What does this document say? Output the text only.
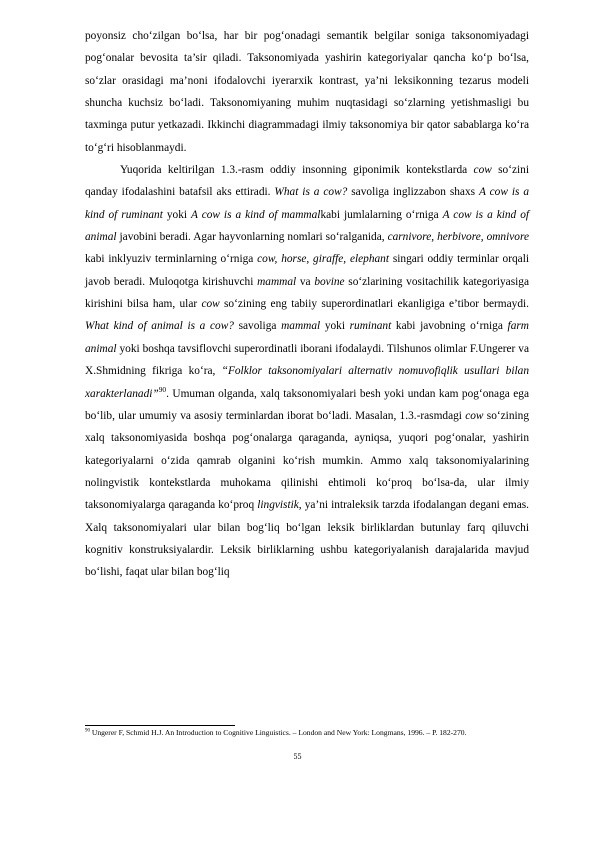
poyonsiz cho‘zilgan bo‘lsa, har bir pog‘onadagi semantik belgilar soniga taksonomiyadagi pog‘onalar bevosita ta’sir qiladi. Taksonomiyada yashirin kategoriyalar qancha ko‘p bo‘lsa, so‘zlar orasidagi ma’noni ifodalovchi iyerarxik kontrast, ya’ni leksikonning tezarus modeli shuncha kuchsiz bo‘ladi. Taksonomiyaning muhim nuqtasidagi so‘zlarning yetishmasligi bu taxminga putur yetkazadi. Ikkinchi diagrammadagi ilmiy taksonomiya bir qator sabablarga ko‘ra to‘g‘ri hisoblanmaydi.

Yuqorida keltirilgan 1.3.-rasm oddiy insonning giponimik kontekstlarda cow so‘zini qanday ifodalashini batafsil aks ettiradi. What is a cow? savoliga inglizzabon shaxs A cow is a kind of ruminant yoki A cow is a kind of mammalkabi jumlalarning o‘rniga A cow is a kind of animal javobini beradi. Agar hayvonlarning nomlari so‘ralganida, carnivore, herbivore, omnivore kabi inklyuziv terminlarning o‘rniga cow, horse, giraffe, elephant singari oddiy terminlar orqali javob beradi. Muloqotga kirishuvchi mammal va bovine so‘zlarining vositachilik kategoriyasiga kirishini bilsa ham, ular cow so‘zining eng tabiiy superordinatlari ekanligiga e’tibor bermaydi. What kind of animal is a cow? savoliga mammal yoki ruminant kabi javobning o‘rniga farm animal yoki boshqa tavsiflovchi superordinatli iborani ifodalaydi. Tilshunos olimlar F.Ungerer va X.Shmidning fikriga ko‘ra, “Folklor taksonomiyalari alternativ nomuvofiqlik usullari bilan xarakterlanadi”$^{90}$. Umuman olganda, xalq taksonomiyalari besh yoki undan kam pog‘onaga ega bo‘lib, ular umumiy va asosiy terminlardan iborat bo‘ladi. Masalan, 1.3.-rasmdagi cow so‘zining xalq taksonomiyasida boshqa pog‘onalarga qaraganda, ayniqsa, yuqori pog‘onalar, yashirin kategoriyalarni o‘zida qamrab olganini ko‘rish mumkin. Ammo xalq taksonomiyalarining nolingvistik kontekstlarda muhokama qilinishi ehtimoli ko‘proq bo‘lsa-da, ular ilmiy taksonomiyalarga qaraganda ko‘proq lingvistik, ya’ni intraleksik tarzda ifodalangan degani emas. Xalq taksonomiyalari ular bilan bog‘liq bo‘lgan leksik birliklardan butunlay farq qiluvchi kognitiv konstruksiyalardir. Leksik birliklarning ushbu kategoriyalanish darajalarida mavjud bo‘lishi, faqat ular bilan bog‘liq

$^{90}$ Ungerer F, Schmid H.J. An Introduction to Cognitive Linguistics. – London and New York: Longmans, 1996. – P. 182-270.
55
